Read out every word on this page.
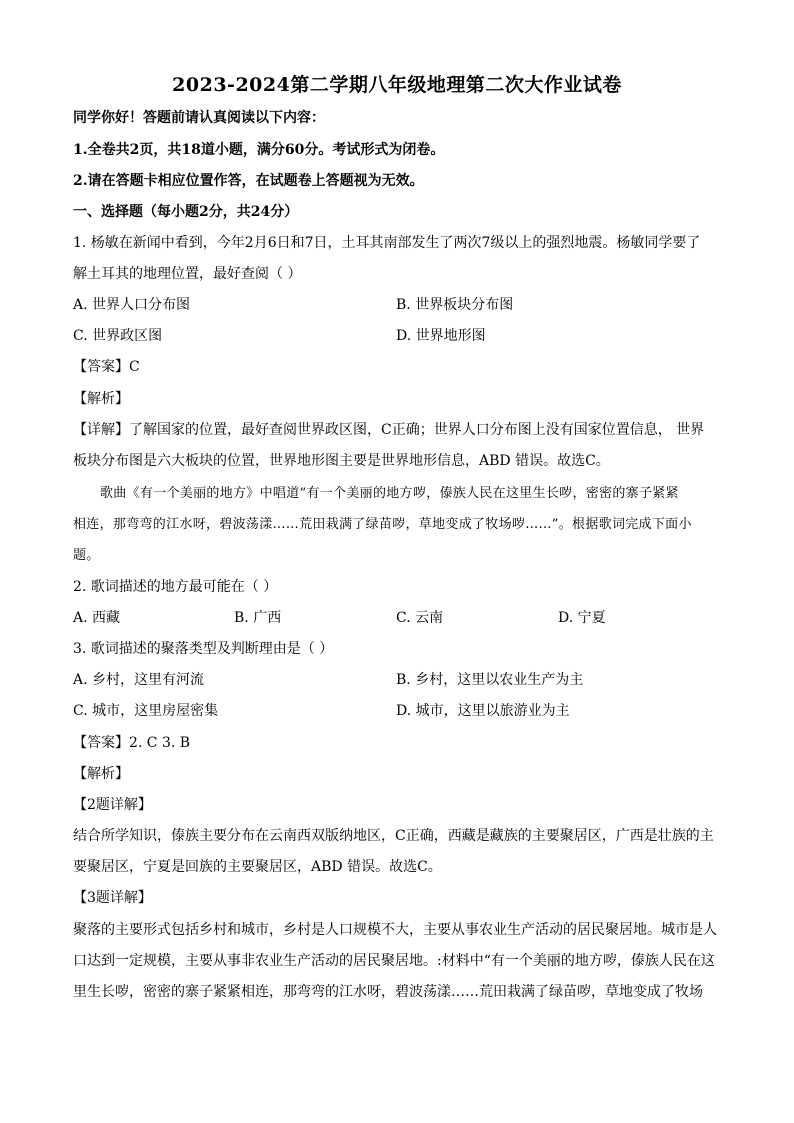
2023-2024第二学期八年级地理第二次大作业试卷
同学你好！答题前请认真阅读以下内容：
1.全卷共2页，共18道小题，满分60分。考试形式为闭卷。
2.请在答题卡相应位置作答，在试题卷上答题视为无效。
一、选择题（每小题2分，共24分）
1. 杨敏在新闻中看到，今年2月6日和7日，土耳其南部发生了两次7级以上的强烈地震。杨敏同学要了
解土耳其的地理位置，最好查阅（ ）
A. 世界人口分布图	B. 世界板块分布图
C. 世界政区图	D. 世界地形图
【答案】C
【解析】
【详解】了解国家的位置，最好查阅世界政区图，C正确；世界人口分布图上没有国家位置信息， 世界
板块分布图是六大板块的位置，世界地形图主要是世界地形信息，ABD 错误。故选C。
歌曲《有一个美丽的地方》中唱道“有一个美丽的地方哕，傣族人民在这里生长哕，密密的寨子紧紧
相连，那弯弯的江水呀，碧波荡漾……荒田栽满了绿苗哕，草地变成了牧场哕……”。根据歌词完成下面小
题。
2. 歌词描述的地方最可能在（ ）
A. 西藏	B. 广西	C. 云南	D. 宁夏
3. 歌词描述的聚落类型及判断理由是（ ）
A. 乡村，这里有河流	B. 乡村，这里以农业生产为主
C. 城市，这里房屋密集	D. 城市，这里以旅游业为主
【答案】2. C 3. B
【解析】
【2题详解】
结合所学知识，傣族主要分布在云南西双版纳地区，C正确，西藏是藏族的主要聚居区，广西是壮族的主
要聚居区，宁夏是回族的主要聚居区，ABD 错误。故选C。
【3题详解】
聚落的主要形式包括乡村和城市，乡村是人口规模不大，主要从事农业生产活动的居民聚居地。城市是人
口达到一定规模，主要从事非农业生产活动的居民聚居地。:材料中“有一个美丽的地方哕，傣族人民在这
里生长哕，密密的寨子紧紧相连，那弯弯的江水呀，碧波荡漾……荒田栽满了绿苗哕，草地变成了牧场
